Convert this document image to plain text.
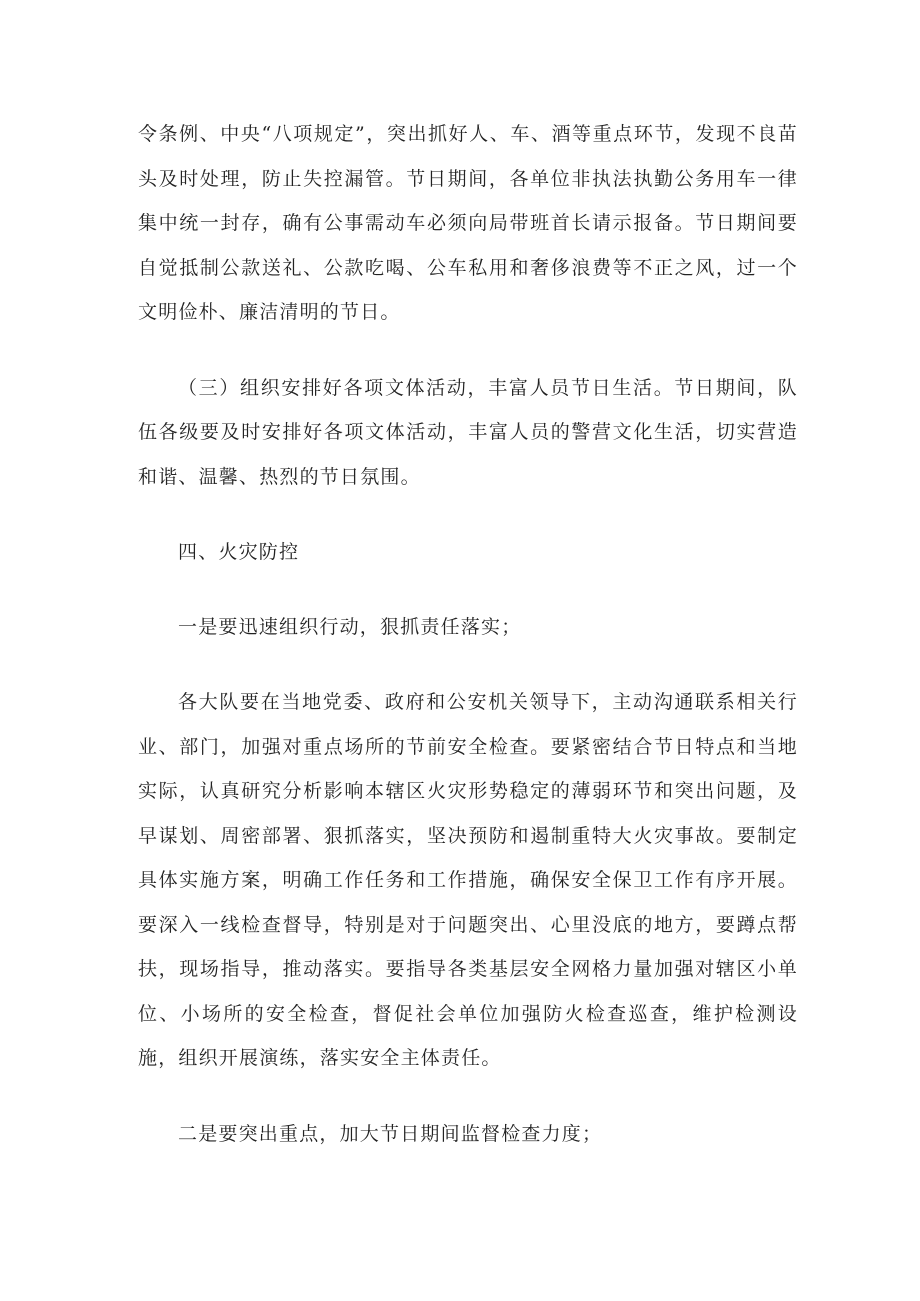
令条例、中央“八项规定”，突出抓好人、车、酒等重点环节，发现不良苗头及时处理，防止失控漏管。节日期间，各单位非执法执勤公务用车一律集中统一封存，确有公事需动车必须向局带班首长请示报备。节日期间要自觉抵制公款送礼、公款吃喝、公车私用和奢侈浪费等不正之风，过一个文明俭朴、廉洁清明的节日。

（三）组织安排好各项文体活动，丰富人员节日生活。节日期间，队伍各级要及时安排好各项文体活动，丰富人员的警营文化生活，切实营造和谐、温馨、热烈的节日氛围。

四、火灾防控

一是要迅速组织行动，狠抓责任落实；

各大队要在当地党委、政府和公安机关领导下，主动沟通联系相关行业、部门，加强对重点场所的节前安全检查。要紧密结合节日特点和当地实际，认真研究分析影响本辖区火灾形势稳定的薄弱环节和突出问题，及早谋划、周密部署、狠抓落实，坚决预防和遏制重特大火灾事故。要制定具体实施方案，明确工作任务和工作措施，确保安全保卫工作有序开展。要深入一线检查督导，特别是对于问题突出、心里没底的地方，要蹲点帮扶，现场指导，推动落实。要指导各类基层安全网格力量加强对辖区小单位、小场所的安全检查，督促社会单位加强防火检查巡查，维护检测设施，组织开展演练，落实安全主体责任。

二是要突出重点，加大节日期间监督检查力度；
